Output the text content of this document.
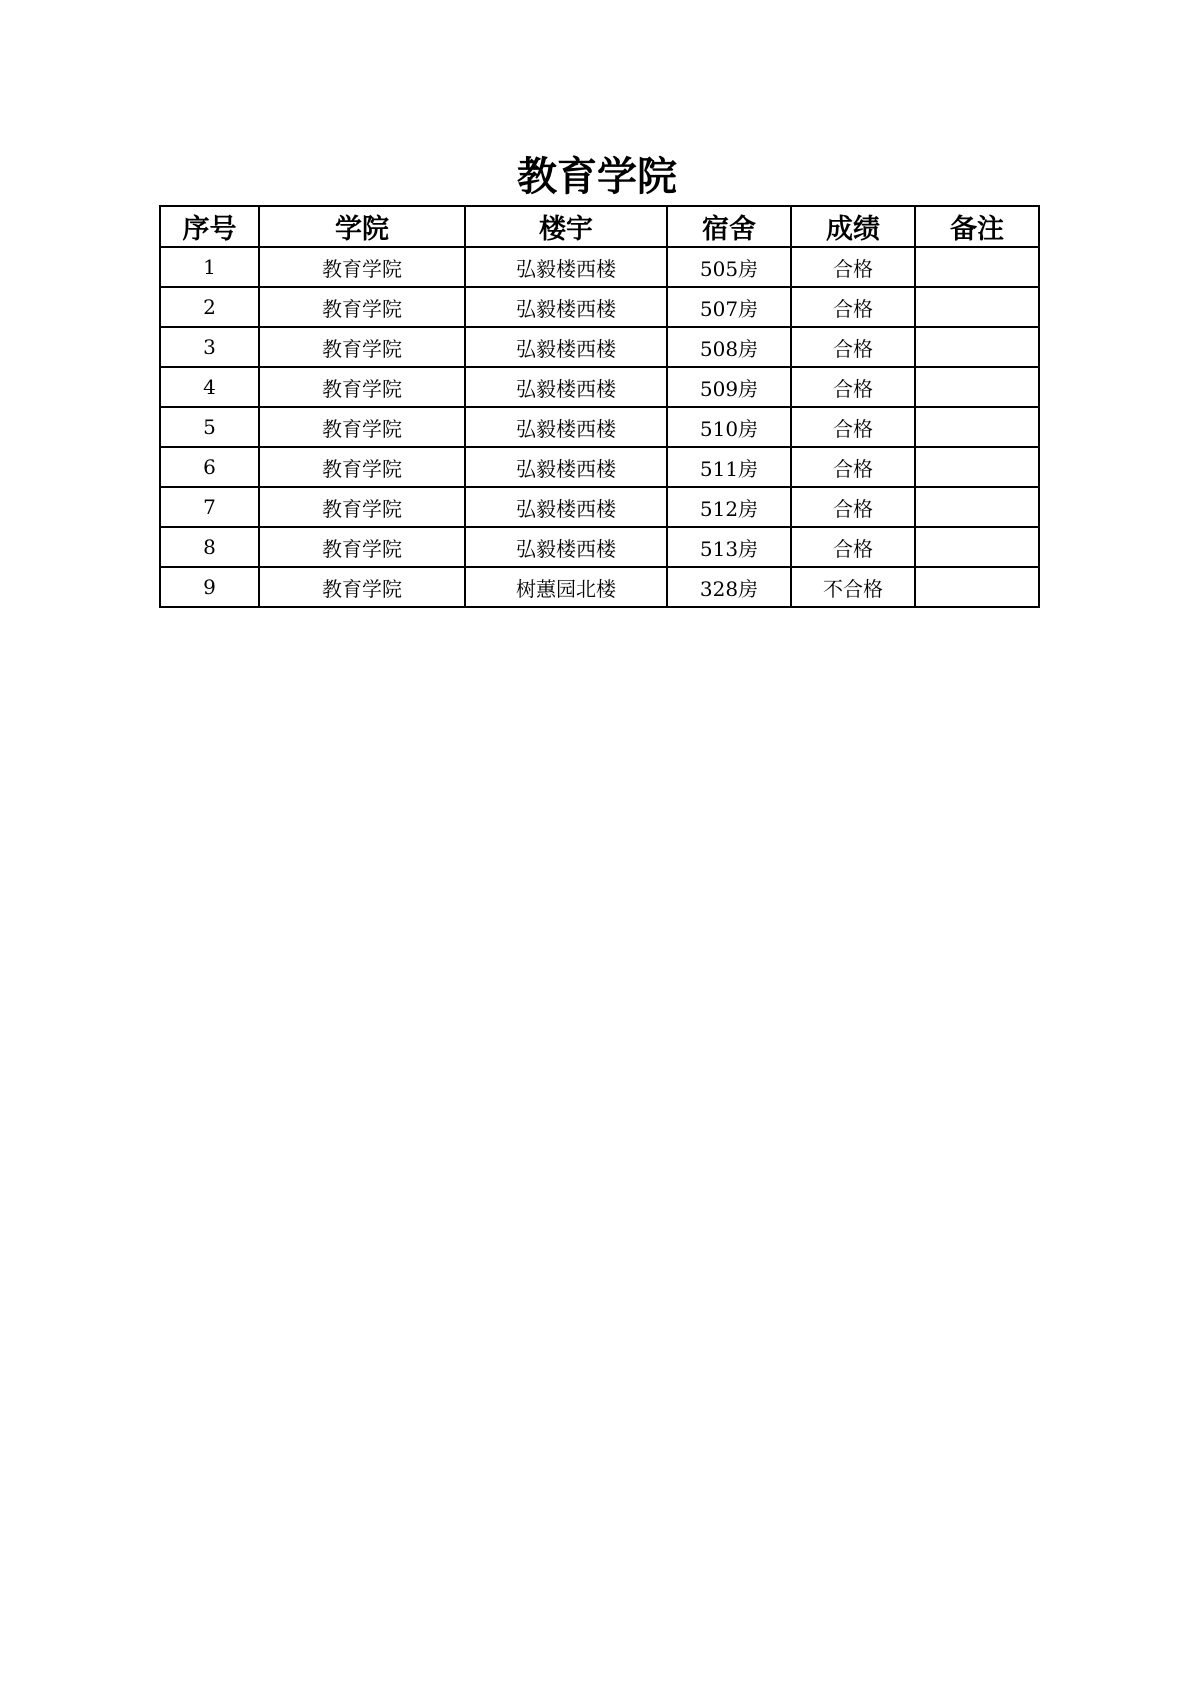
教育学院
序号	学院	楼宇	宿舍	成绩	备注
1	教育学院	弘毅楼西楼	505房	合格	
2	教育学院	弘毅楼西楼	507房	合格	
3	教育学院	弘毅楼西楼	508房	合格	
4	教育学院	弘毅楼西楼	509房	合格	
5	教育学院	弘毅楼西楼	510房	合格	
6	教育学院	弘毅楼西楼	511房	合格	
7	教育学院	弘毅楼西楼	512房	合格	
8	教育学院	弘毅楼西楼	513房	合格	
9	教育学院	树蕙园北楼	328房	不合格	
